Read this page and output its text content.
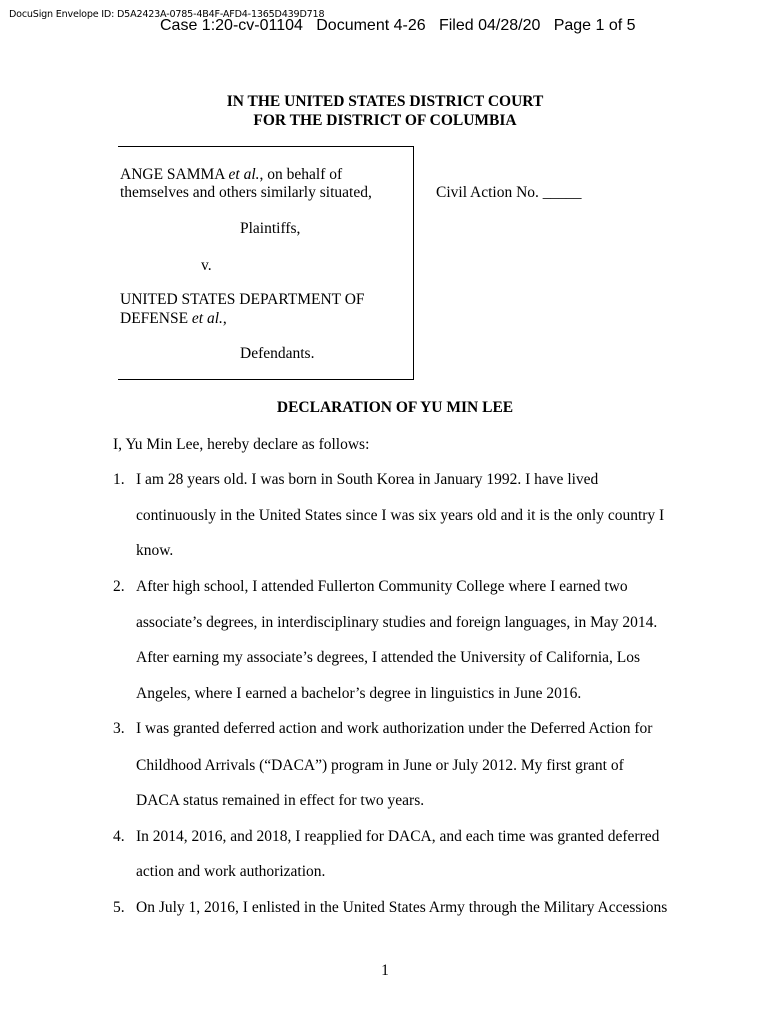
DocuSign Envelope ID: D5A2423A-0785-4B4F-AFD4-1365D439D718
Case 1:20-cv-01104   Document 4-26   Filed 04/28/20   Page 1 of 5
IN THE UNITED STATES DISTRICT COURT
FOR THE DISTRICT OF COLUMBIA
ANGE SAMMA et al., on behalf of
themselves and others similarly situated,
Plaintiffs,
v.
UNITED STATES DEPARTMENT OF
DEFENSE et al.,
Defendants.
Civil Action No. _____
DECLARATION OF YU MIN LEE
I, Yu Min Lee, hereby declare as follows:
1. I am 28 years old. I was born in South Korea in January 1992. I have lived
continuously in the United States since I was six years old and it is the only country I
know.
2. After high school, I attended Fullerton Community College where I earned two
associate’s degrees, in interdisciplinary studies and foreign languages, in May 2014.
After earning my associate’s degrees, I attended the University of California, Los
Angeles, where I earned a bachelor’s degree in linguistics in June 2016.
3. I was granted deferred action and work authorization under the Deferred Action for
Childhood Arrivals (“DACA”) program in June or July 2012. My first grant of
DACA status remained in effect for two years.
4. In 2014, 2016, and 2018, I reapplied for DACA, and each time was granted deferred
action and work authorization.
5. On July 1, 2016, I enlisted in the United States Army through the Military Accessions
1
